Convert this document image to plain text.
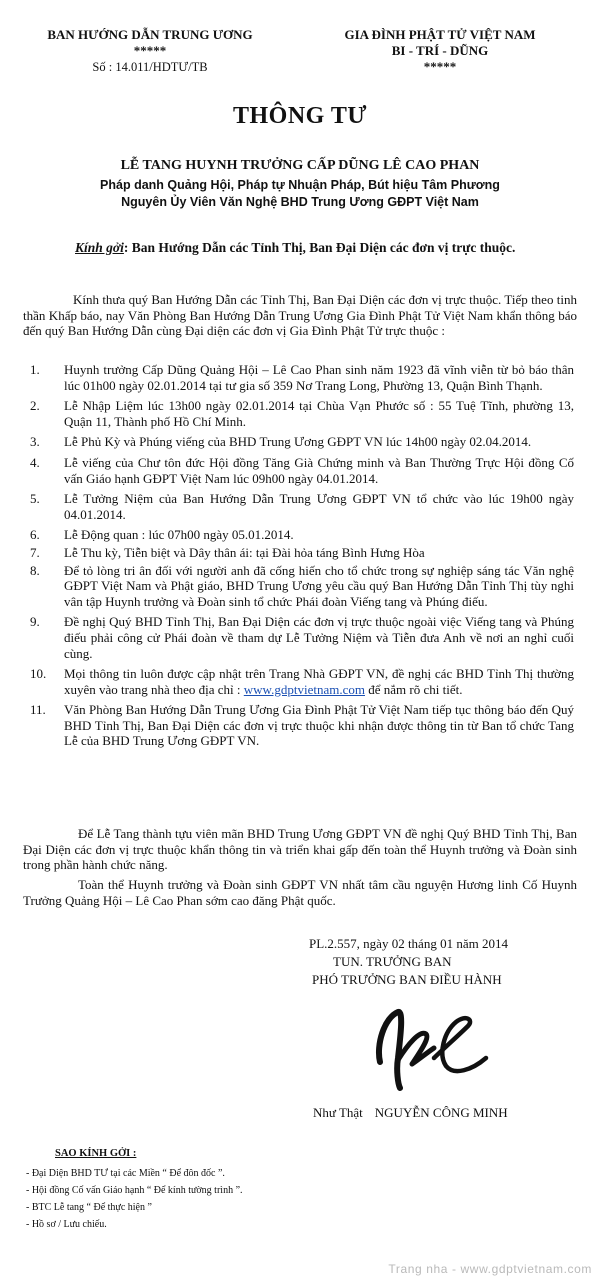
BAN HƯỚNG DẪN TRUNG ƯƠNG
*****
Số : 14.011/HDTƯ/TB
GIA ĐÌNH PHẬT TỬ VIỆT NAM
BI - TRÍ - DŨNG
*****
THÔNG TƯ
LỄ TANG HUYNH TRƯỞNG CẤP DŨNG LÊ CAO PHAN
Pháp danh Quảng Hội, Pháp tự Nhuận Pháp, Bút hiệu Tâm Phương
Nguyên Ủy Viên Văn Nghệ BHD Trung Ương GĐPT Việt Nam
Kính gởi: Ban Hướng Dẫn các Tỉnh Thị, Ban Đại Diện các đơn vị trực thuộc.
Kính thưa quý Ban Hướng Dẫn các Tỉnh Thị, Ban Đại Diện các đơn vị trực thuộc. Tiếp theo tinh thần Khấp báo, nay Văn Phòng Ban Hướng Dẫn Trung Ương Gia Đình Phật Tử Việt Nam khẩn thông báo đến quý Ban Hướng Dẫn cùng Đại diện các đơn vị Gia Đình Phật Tử trực thuộc :
1. Huynh trưởng Cấp Dũng Quảng Hội – Lê Cao Phan sinh năm 1923 đã vĩnh viễn từ bỏ báo thân lúc 01h00 ngày 02.01.2014 tại tư gia số 359 Nơ Trang Long, Phường 13, Quận Bình Thạnh.
2. Lễ Nhập Liệm lúc 13h00 ngày 02.01.2014 tại Chùa Vạn Phước số : 55 Tuệ Tĩnh, phường 13, Quận 11, Thành phố Hồ Chí Minh.
3. Lễ Phủ Kỳ và Phúng viếng của BHD Trung Ương GĐPT VN lúc 14h00 ngày 02.04.2014.
4. Lễ viếng của Chư tôn đức Hội đồng Tăng Già Chứng minh và Ban Thường Trực Hội đồng Cố vấn Giáo hạnh GĐPT Việt Nam lúc 09h00 ngày 04.01.2014.
5. Lễ Tưởng Niệm của Ban Hướng Dẫn Trung Ương GĐPT VN tổ chức vào lúc 19h00 ngày 04.01.2014.
6. Lễ Động quan : lúc 07h00 ngày 05.01.2014.
7. Lễ Thu kỳ, Tiễn biệt và Dây thân ái: tại Đài hỏa táng Bình Hưng Hòa
8. Để tỏ lòng tri ân đối với người anh đã cống hiến cho tổ chức trong sự nghiệp sáng tác Văn nghệ GĐPT Việt Nam và Phật giáo, BHD Trung Ương yêu cầu quý Ban Hướng Dẫn Tỉnh Thị tùy nghi vân tập Huynh trưởng và Đoàn sinh tổ chức Phái đoàn Viếng tang và Phúng điếu.
9. Đề nghị Quý BHD Tỉnh Thị, Ban Đại Diện các đơn vị trực thuộc ngoài việc Viếng tang và Phúng điếu phải công cử Phái đoàn về tham dự Lễ Tưởng Niệm và Tiễn đưa Anh về nơi an nghỉ cuối cùng.
10. Mọi thông tin luôn được cập nhật trên Trang Nhà GĐPT VN, đề nghị các BHD Tỉnh Thị thường xuyên vào trang nhà theo địa chỉ : www.gdptvietnam.com để nắm rõ chi tiết.
11. Văn Phòng Ban Hướng Dẫn Trung Ương Gia Đình Phật Tử Việt Nam tiếp tục thông báo đến Quý BHD Tỉnh Thị, Ban Đại Diện các đơn vị trực thuộc khi nhận được thông tin từ Ban tổ chức Tang Lễ của BHD Trung Ương GĐPT VN.
Để Lễ Tang thành tựu viên mãn BHD Trung Ương GĐPT VN đề nghị Quý BHD Tỉnh Thị, Ban Đại Diện các đơn vị trực thuộc khẩn thông tin và triển khai gấp đến toàn thể Huynh trưởng và Đoàn sinh trong phần hành chức năng.
Toàn thể Huynh trưởng và Đoàn sinh GĐPT VN nhất tâm cầu nguyện Hương linh Cố Huynh Trưởng Quảng Hội – Lê Cao Phan sớm cao đăng Phật quốc.
PL.2.557, ngày 02 tháng 01 năm 2014
TUN. TRƯỞNG BAN
PHÓ TRƯỞNG BAN ĐIỀU HÀNH
Như Thật NGUYỄN CÔNG MINH
SAO KÍNH GỞI :
- Đại Diện BHD TƯ tại các Miền “ Để đôn đốc ”.
- Hội đồng Cố vấn Giáo hạnh “ Để kính tường trình ”.
- BTC Lễ tang “ Để thực hiện ”
- Hồ sơ / Lưu chiếu.
Trang nha - www.gdptvietnam.com
